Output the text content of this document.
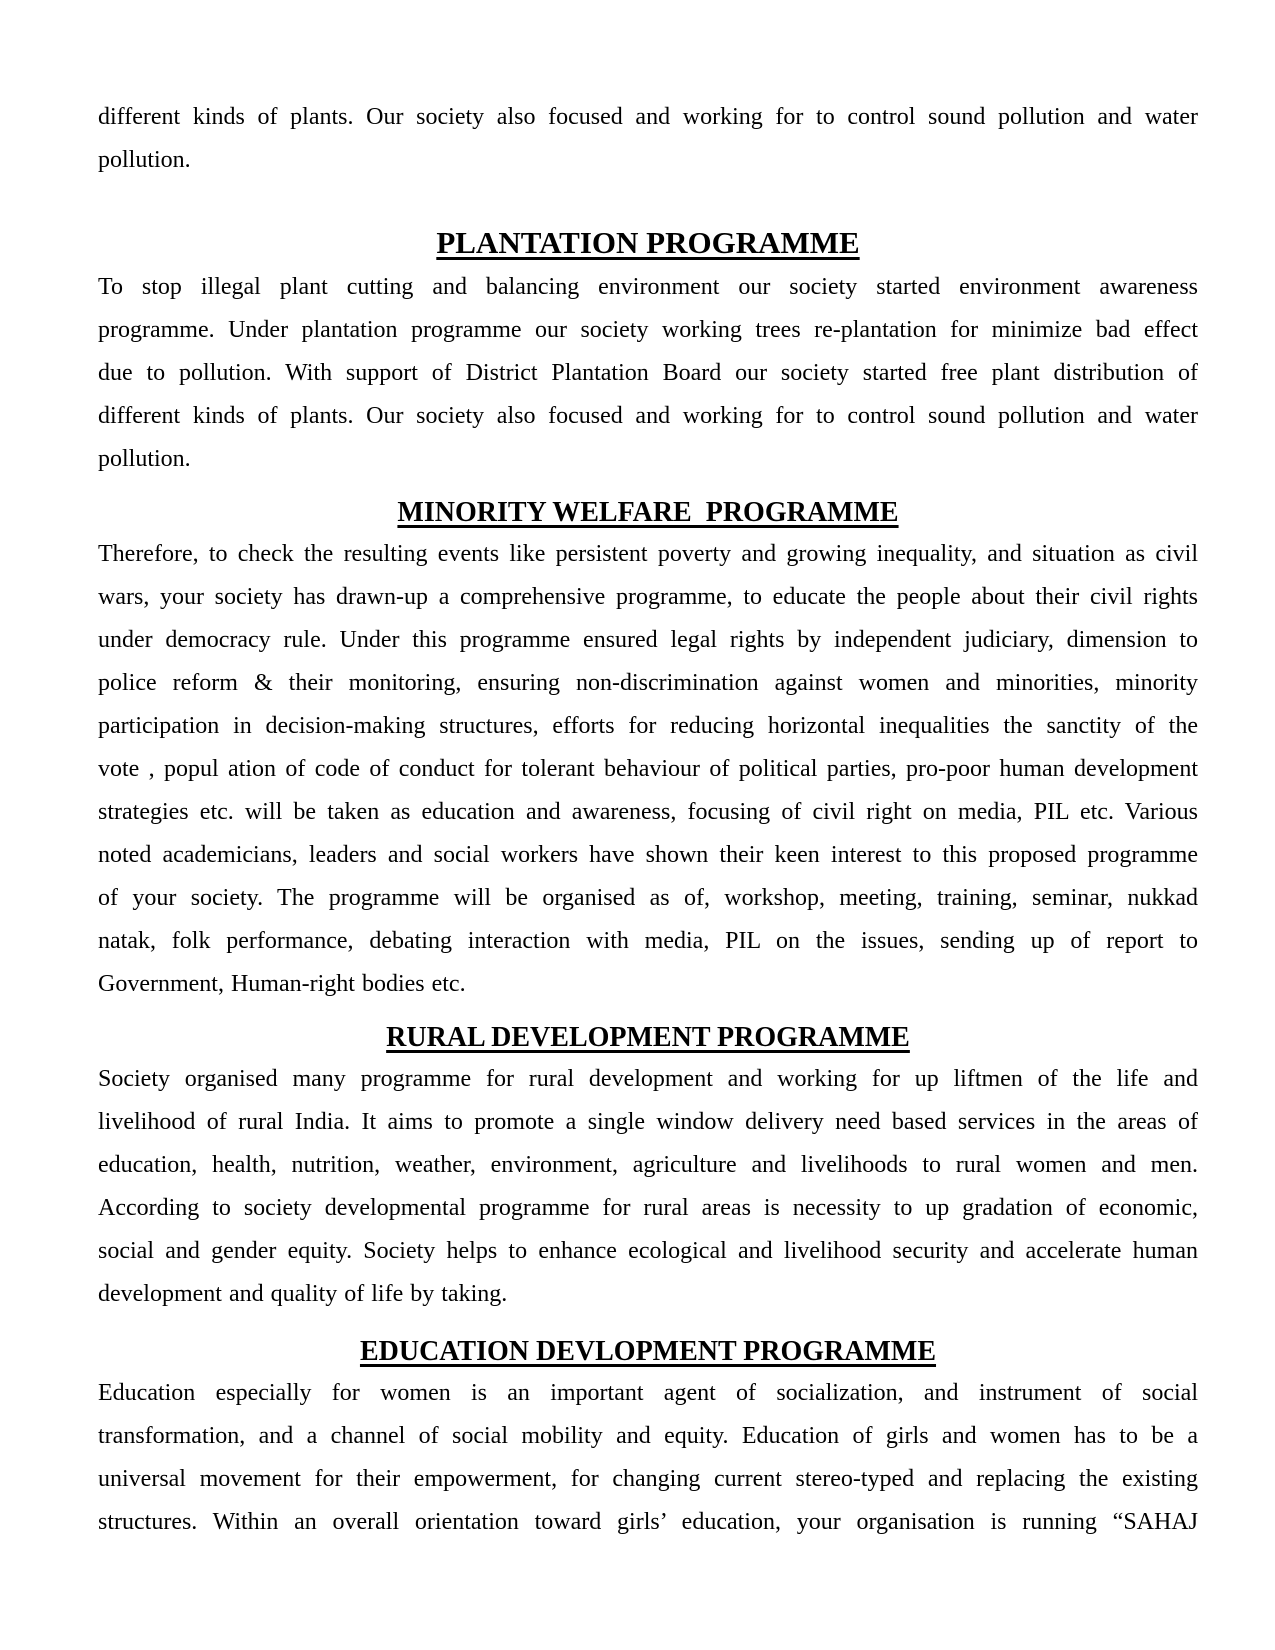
different kinds of plants. Our society also focused and working for to control sound pollution and water
pollution.
PLANTATION PROGRAMME
To stop illegal plant cutting and balancing environment our society started environment awareness
programme. Under plantation programme our society working trees re-plantation for minimize bad effect
due to pollution. With support of District Plantation Board our society started free plant distribution of
different kinds of plants. Our society also focused and working for to control sound pollution and water
pollution.
MINORITY WELFARE  PROGRAMME
Therefore, to check the resulting events like persistent poverty and growing inequality, and situation as civil
wars, your society has drawn-up a comprehensive programme, to educate the people about their civil rights
under democracy rule. Under this programme ensured legal rights by independent judiciary, dimension to
police reform & their monitoring, ensuring non-discrimination against women and minorities, minority
participation in decision-making structures, efforts for reducing horizontal inequalities the sanctity of the
vote , popul ation of code of conduct for tolerant behaviour of political parties, pro-poor human development
strategies etc. will be taken as education and awareness, focusing of civil right on media, PIL etc. Various
noted academicians, leaders and social workers have shown their keen interest to this proposed programme
of your society. The programme will be organised as of, workshop, meeting, training, seminar, nukkad
natak, folk performance, debating interaction with media, PIL on the issues, sending up of report to
Government, Human-right bodies etc.
RURAL DEVELOPMENT PROGRAMME
Society organised many programme for rural development and working for up liftmen of the life and
livelihood of rural India. It aims to promote a single window delivery need based services in the areas of
education, health, nutrition, weather, environment, agriculture and livelihoods to rural women and men.
According to society developmental programme for rural areas is necessity to up gradation of economic,
social and gender equity. Society helps to enhance ecological and livelihood security and accelerate human
development and quality of life by taking.
EDUCATION DEVLOPMENT PROGRAMME
Education especially for women is an important agent of socialization, and instrument of social
transformation, and a channel of social mobility and equity. Education of girls and women has to be a
universal movement for their empowerment, for changing current stereo-typed and replacing the existing
structures. Within an overall orientation toward girls’ education, your organisation is running “SAHAJ
